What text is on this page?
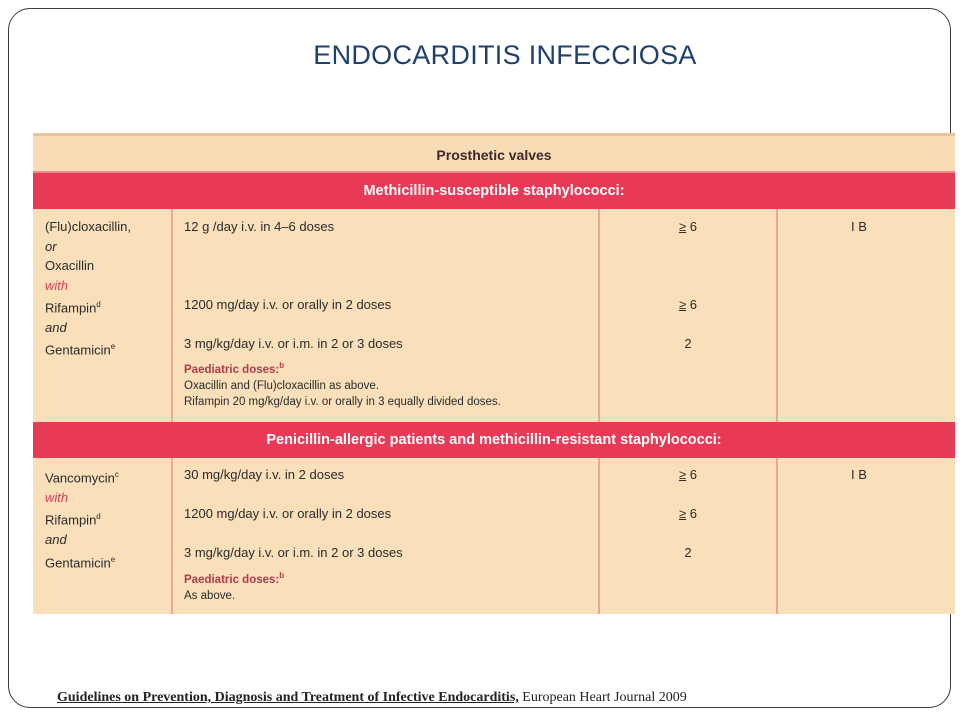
ENDOCARDITIS INFECCIOSA
Prosthetic valves
Methicillin-susceptible staphylococci:
(Flu)cloxacillin,
or
Oxacillin
with
Rifampin$^d$
and
Gentamicin$^e$
12 g /day i.v. in 4–6 doses
1200 mg/day i.v. or orally in 2 doses
3 mg/kg/day i.v. or i.m. in 2 or 3 doses
Paediatric doses:$^b$
Oxacillin and (Flu)cloxacillin as above.
Rifampin 20 mg/kg/day i.v. or orally in 3 equally divided doses.
≥ 6
≥ 6
2
I B
Penicillin-allergic patients and methicillin-resistant staphylococci:
Vancomycin$^c$
with
Rifampin$^d$
and
Gentamicin$^e$
30 mg/kg/day i.v. in 2 doses
1200 mg/day i.v. or orally in 2 doses
3 mg/kg/day i.v. or i.m. in 2 or 3 doses
Paediatric doses:$^b$
As above.
≥ 6
≥ 6
2
I B
Guidelines on Prevention, Diagnosis and Treatment of Infective Endocarditis, European Heart Journal 2009
